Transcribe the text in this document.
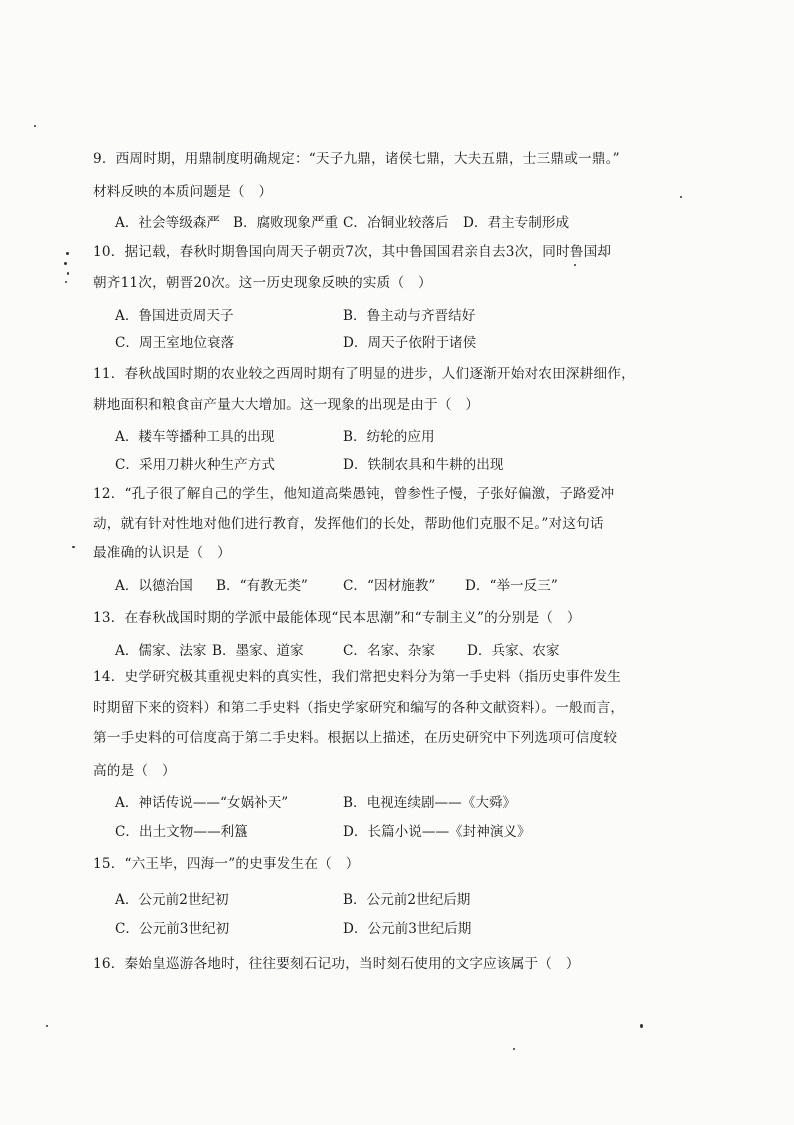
9．西周时期，用鼎制度明确规定：“天子九鼎，诸侯七鼎，大夫五鼎，士三鼎或一鼎。”
材料反映的本质问题是（　）
A．社会等级森严 B．腐败现象严重 C．冶铜业较落后 D．君主专制形成
10．据记载，春秋时期鲁国向周天子朝贡7次，其中鲁国国君亲自去3次，同时鲁国却
朝齐11次，朝晋20次。这一历史现象反映的实质（　）
A．鲁国进贡周天子	B．鲁主动与齐晋结好
C．周王室地位衰落	D．周天子依附于诸侯
11．春秋战国时期的农业较之西周时期有了明显的进步，人们逐渐开始对农田深耕细作，
耕地面积和粮食亩产量大大增加。这一现象的出现是由于（　）
A．耧车等播种工具的出现	B．纺轮的应用
C．采用刀耕火种生产方式	D．铁制农具和牛耕的出现
12．“孔子很了解自己的学生，他知道高柴愚钝，曾参性子慢，子张好偏激，子路爱冲
动，就有针对性地对他们进行教育，发挥他们的长处，帮助他们克服不足。”对这句话
最准确的认识是（　）
A．以德治国 B．“有教无类”	C．“因材施教” D．“举一反三”
13．在春秋战国时期的学派中最能体现“民本思潮”和“专制主义”的分别是（　）
A．儒家、法家 B．墨家、道家	C．名家、杂家 D．兵家、农家
14．史学研究极其重视史料的真实性，我们常把史料分为第一手史料（指历史事件发生
时期留下来的资料）和第二手史料（指史学家研究和编写的各种文献资料）。一般而言，
第一手史料的可信度高于第二手史料。根据以上描述，在历史研究中下列选项可信度较
高的是（　）
A．神话传说——“女娲补天”	B．电视连续剧——《大舜》
C．出土文物——利簋	D．长篇小说——《封神演义》
15．“六王毕，四海一”的史事发生在（　）
A．公元前2世纪初	B．公元前2世纪后期
C．公元前3世纪初	D．公元前3世纪后期
16．秦始皇巡游各地时，往往要刻石记功，当时刻石使用的文字应该属于（　）
